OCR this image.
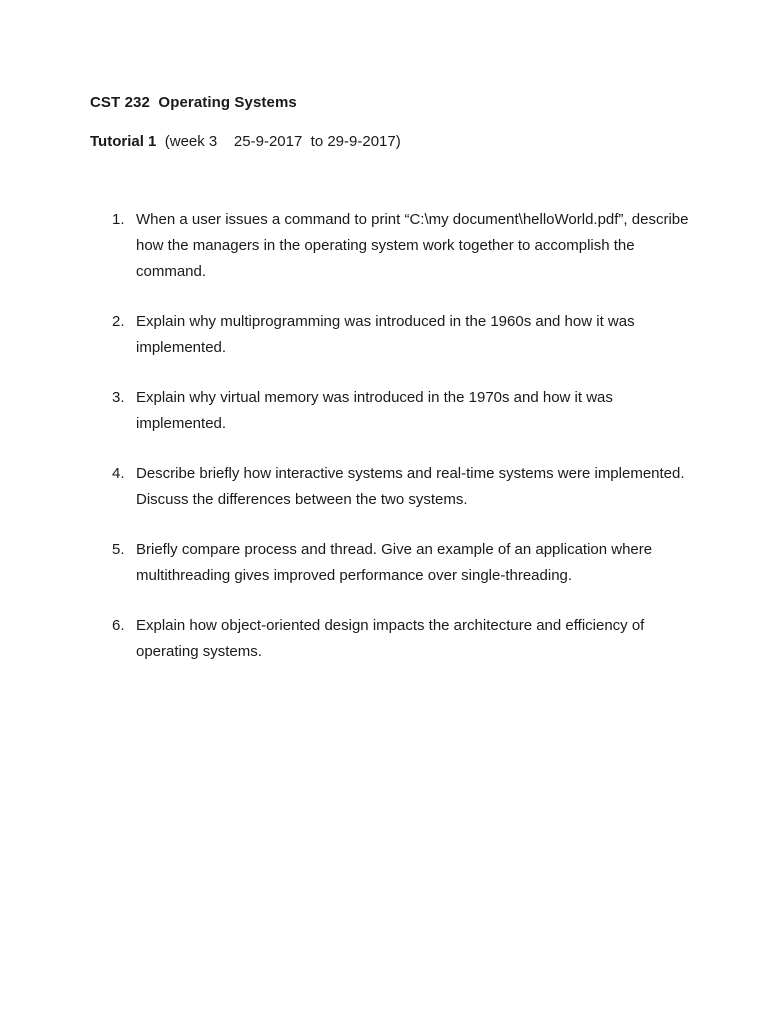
CST 232  Operating Systems
Tutorial 1  (week 3    25-9-2017  to 29-9-2017)
1. When a user issues a command to print “C:\my document\helloWorld.pdf”, describe how the managers in the operating system work together to accomplish the command.
2. Explain why multiprogramming was introduced in the 1960s and how it was implemented.
3. Explain why virtual memory was introduced in the 1970s and how it was implemented.
4. Describe briefly how interactive systems and real-time systems were implemented. Discuss the differences between the two systems.
5. Briefly compare process and thread. Give an example of an application where multithreading gives improved performance over single-threading.
6. Explain how object-oriented design impacts the architecture and efficiency of operating systems.
